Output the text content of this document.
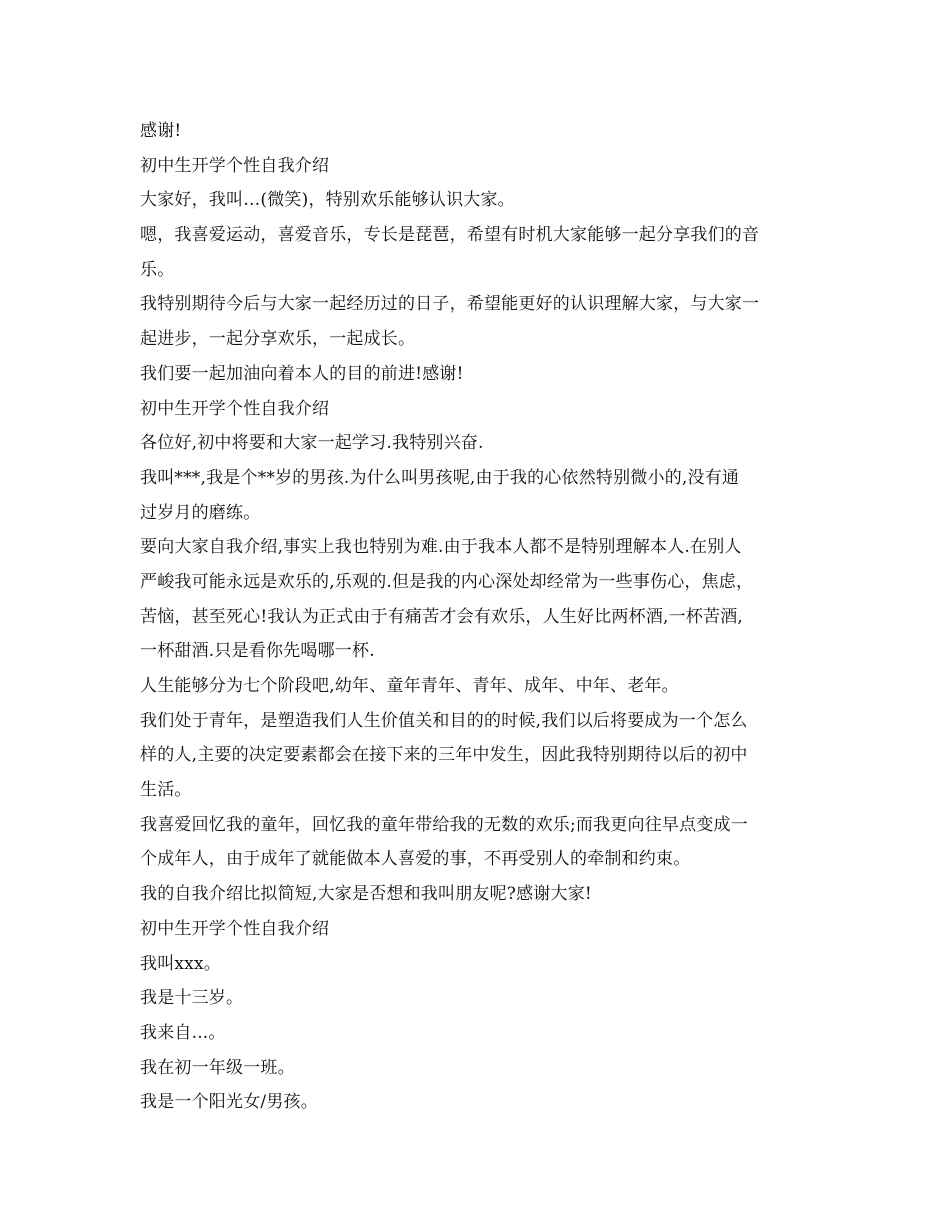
感谢!
初中生开学个性自我介绍
大家好，我叫…(微笑)，特别欢乐能够认识大家。
嗯，我喜爱运动，喜爱音乐，专长是琵琶，希望有时机大家能够一起分享我们的音
乐。
我特别期待今后与大家一起经历过的日子，希望能更好的认识理解大家，与大家一
起进步，一起分享欢乐，一起成长。
我们要一起加油向着本人的目的前进!感谢!
初中生开学个性自我介绍
各位好,初中将要和大家一起学习.我特别兴奋.
我叫***,我是个**岁的男孩.为什么叫男孩呢,由于我的心依然特别微小的,没有通
过岁月的磨练。
要向大家自我介绍,事实上我也特别为难.由于我本人都不是特别理解本人.在别人
严峻我可能永远是欢乐的,乐观的.但是我的内心深处却经常为一些事伤心，焦虑，
苦恼，甚至死心!我认为正式由于有痛苦才会有欢乐，人生好比两杯酒,一杯苦酒,
一杯甜酒.只是看你先喝哪一杯.
人生能够分为七个阶段吧,幼年、童年青年、青年、成年、中年、老年。
我们处于青年，是塑造我们人生价值关和目的的时候,我们以后将要成为一个怎么
样的人,主要的决定要素都会在接下来的三年中发生，因此我特别期待以后的初中
生活。
我喜爱回忆我的童年，回忆我的童年带给我的无数的欢乐;而我更向往早点变成一
个成年人，由于成年了就能做本人喜爱的事，不再受别人的牵制和约束。
我的自我介绍比拟简短,大家是否想和我叫朋友呢?感谢大家!
初中生开学个性自我介绍
我叫xxx。
我是十三岁。
我来自...。
我在初一年级一班。
我是一个阳光女/男孩。
